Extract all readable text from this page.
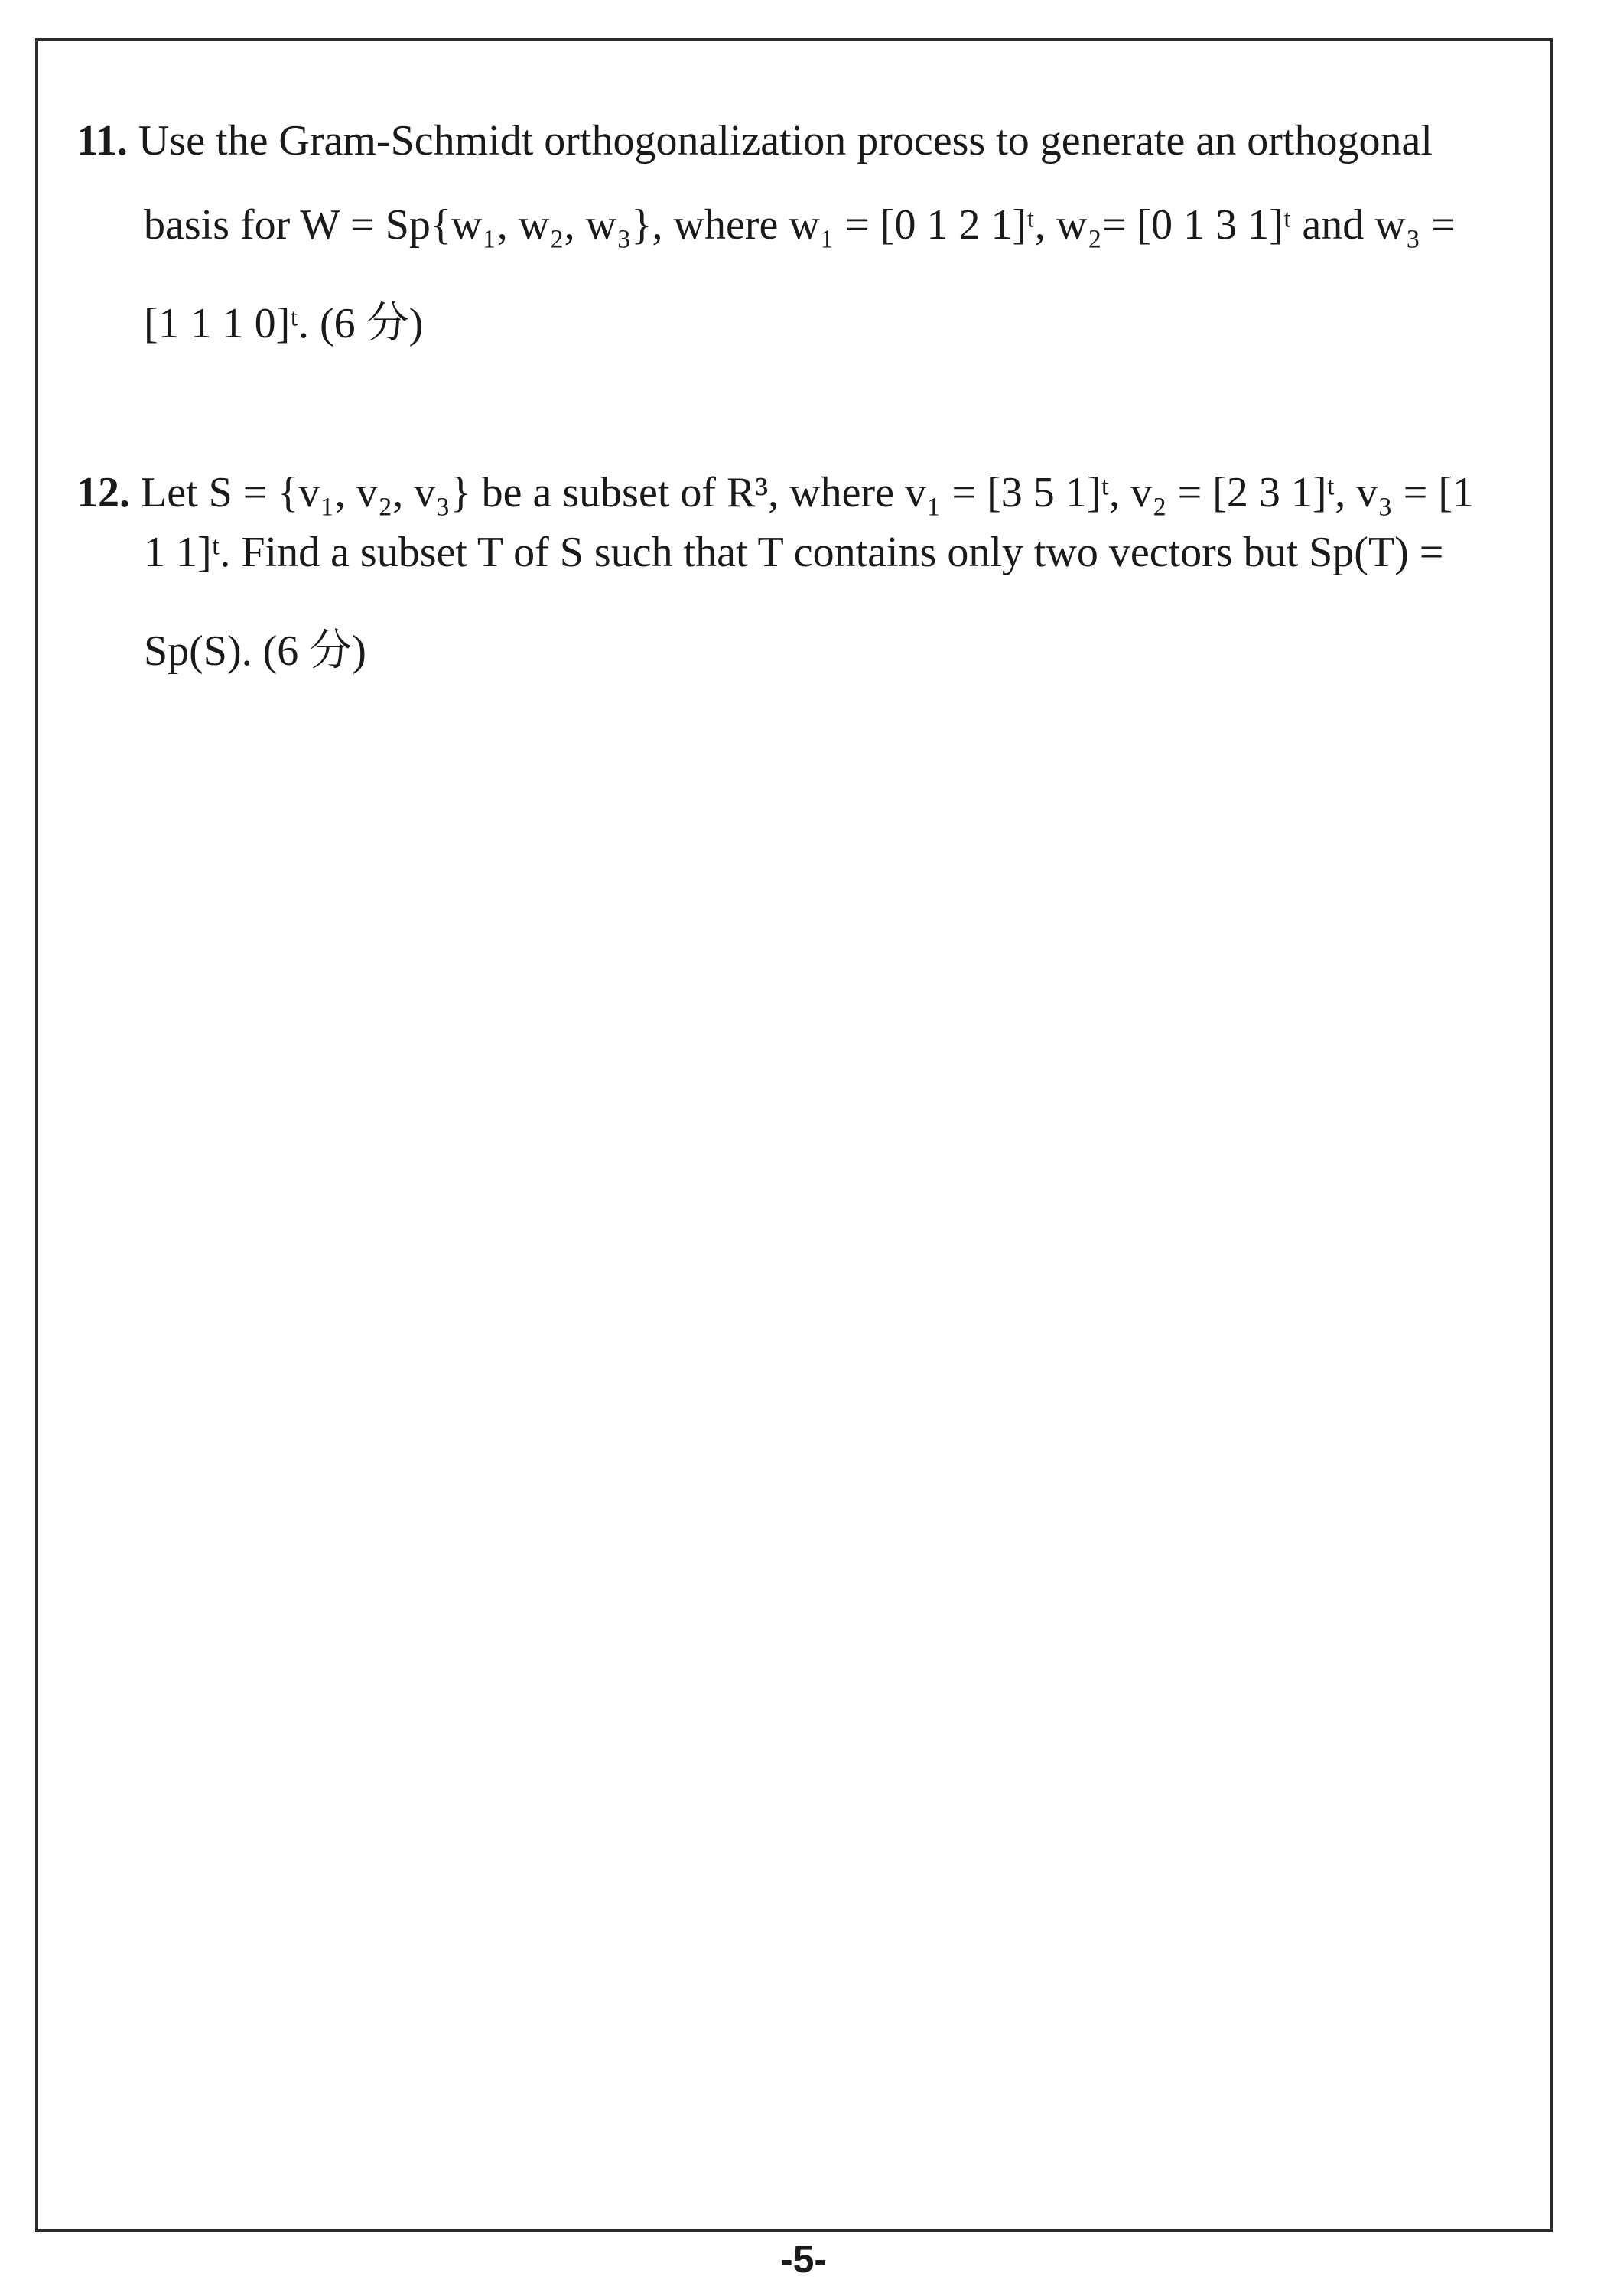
11. Use the Gram-Schmidt orthogonalization process to generate an orthogonal
basis for W = Sp{w₁, w₂, w₃}, where w₁ = [0 1 2 1]ᵗ, w₂= [0 1 3 1]ᵗ and w₃ =
[1 1 1 0]ᵗ. (6 分)
12. Let S = {v₁, v₂, v₃} be a subset of R³, where v₁ = [3 5 1]ᵗ, v₂ = [2 3 1]ᵗ, v₃ = [1
1 1]ᵗ. Find a subset T of S such that T contains only two vectors but Sp(T) =
Sp(S). (6 分)
-5-
